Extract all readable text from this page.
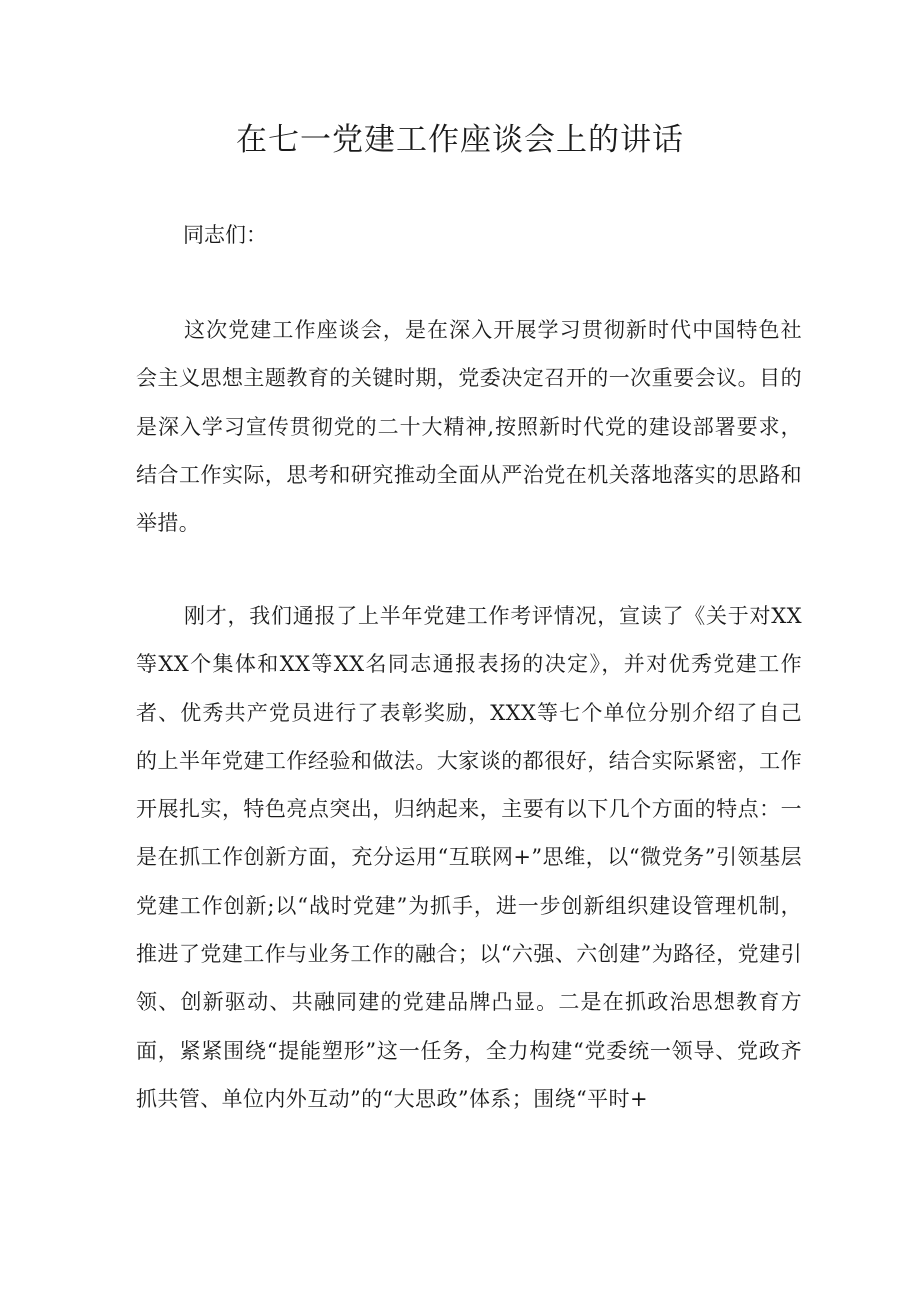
在七一党建工作座谈会上的讲话

同志们：

这次党建工作座谈会，是在深入开展学习贯彻新时代中国特色社会主义思想主题教育的关键时期，党委决定召开的一次重要会议。目的是深入学习宣传贯彻党的二十大精神,按照新时代党的建设部署要求，结合工作实际，思考和研究推动全面从严治党在机关落地落实的思路和举措。

刚才，我们通报了上半年党建工作考评情况，宣读了《关于对XX等XX个集体和XX等XX名同志通报表扬的决定》，并对优秀党建工作者、优秀共产党员进行了表彰奖励，XXX等七个单位分别介绍了自己的上半年党建工作经验和做法。大家谈的都很好，结合实际紧密，工作开展扎实，特色亮点突出，归纳起来，主要有以下几个方面的特点：一是在抓工作创新方面，充分运用“互联网+”思维，以“微党务”引领基层党建工作创新;以“战时党建”为抓手，进一步创新组织建设管理机制，推进了党建工作与业务工作的融合；以“六强、六创建”为路径，党建引领、创新驱动、共融同建的党建品牌凸显。二是在抓政治思想教育方面，紧紧围绕“提能塑形”这一任务，全力构建“党委统一领导、党政齐抓共管、单位内外互动”的“大思政”体系；围绕“平时+
